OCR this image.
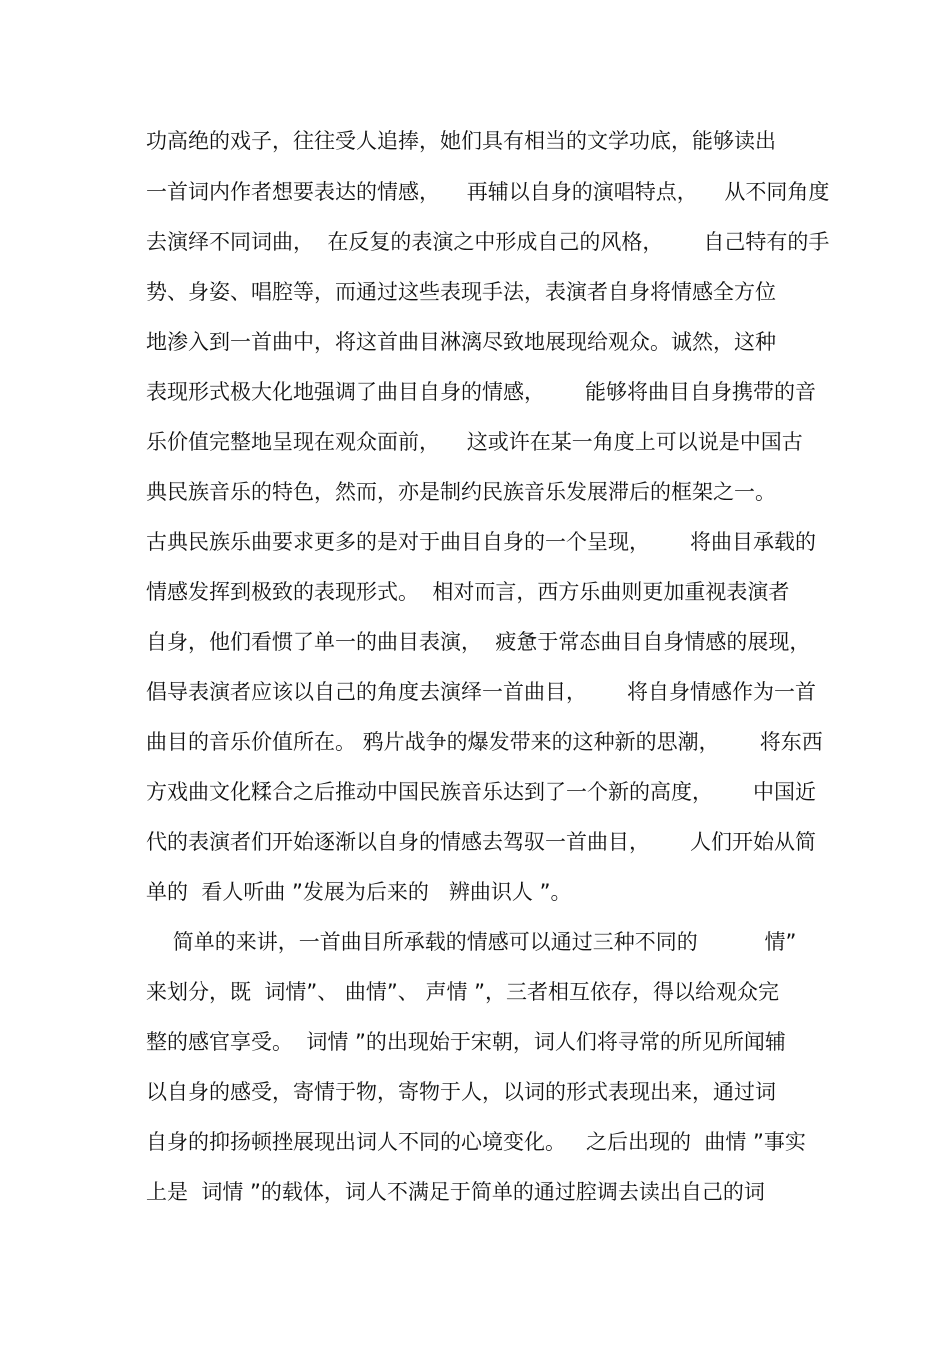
功高绝的戏子，往往受人追捧，她们具有相当的文学功底，能够读出
一首词内作者想要表达的情感，    再辅以自身的演唱特点，    从不同角度
去演绎不同词曲，  在反复的表演之中形成自己的风格，      自己特有的手
势、身姿、唱腔等，而通过这些表现手法，表演者自身将情感全方位
地渗入到一首曲中，将这首曲目淋漓尽致地展现给观众。诚然，这种
表现形式极大化地强调了曲目自身的情感，      能够将曲目自身携带的音
乐价值完整地呈现在观众面前，    这或许在某一角度上可以说是中国古
典民族音乐的特色，然而，亦是制约民族音乐发展滞后的框架之一。
古典民族乐曲要求更多的是对于曲目自身的一个呈现，      将曲目承载的
情感发挥到极致的表现形式。  相对而言，西方乐曲则更加重视表演者
自身，他们看惯了单一的曲目表演，  疲惫于常态曲目自身情感的展现，
倡导表演者应该以自己的角度去演绎一首曲目，      将自身情感作为一首
曲目的音乐价值所在。 鸦片战争的爆发带来的这种新的思潮，      将东西
方戏曲文化糅合之后推动中国民族音乐达到了一个新的高度，      中国近
代的表演者们开始逐渐以自身的情感去驾驭一首曲目，      人们开始从简
单的  看人听曲 ”发展为后来的   辨曲识人 ”。
简单的来讲，一首曲目所承载的情感可以通过三种不同的          情”
来划分，既  词情”、 曲情”、 声情 ”，三者相互依存，得以给观众完
整的感官享受。  词情 ”的出现始于宋朝，词人们将寻常的所见所闻辅
以自身的感受，寄情于物，寄物于人，以词的形式表现出来，通过词
自身的抑扬顿挫展现出词人不同的心境变化。   之后出现的  曲情 ”事实
上是  词情 ”的载体，词人不满足于简单的通过腔调去读出自己的词
